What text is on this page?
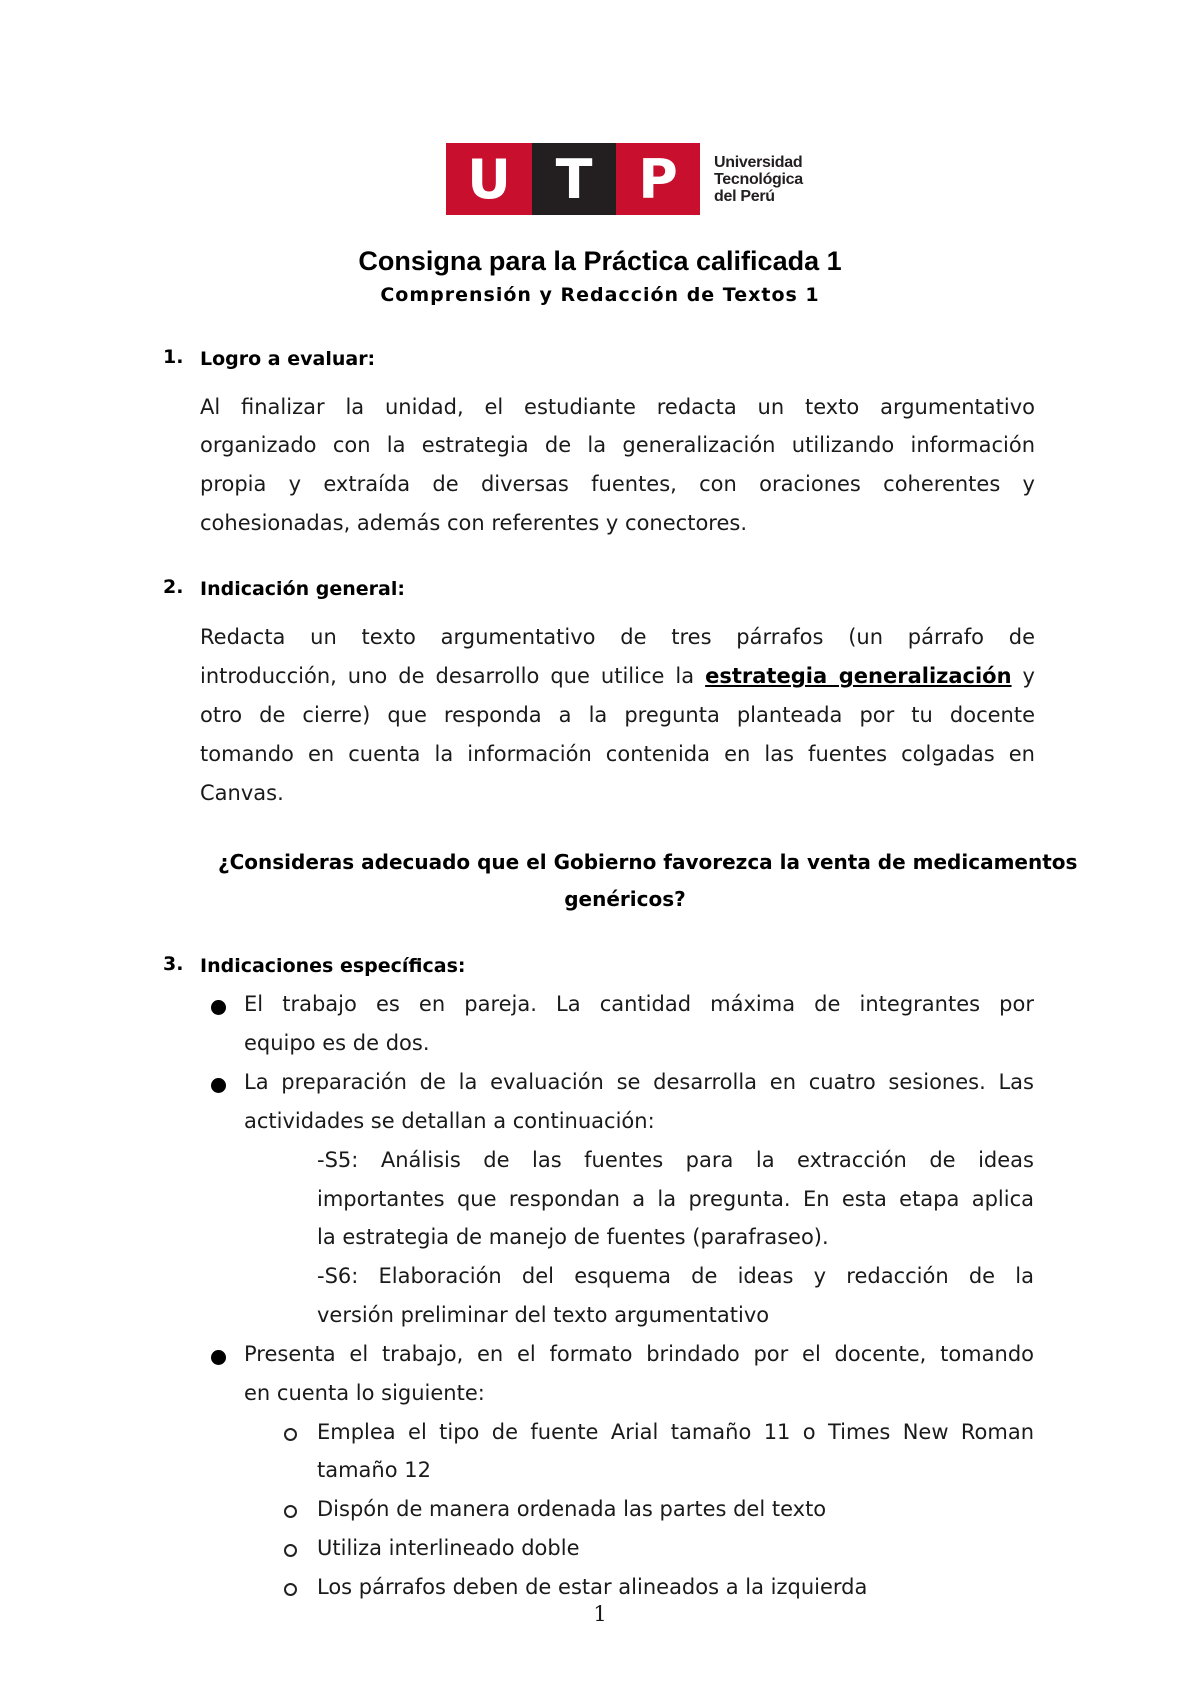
U T P	Universidad
Tecnológica
del Perú
Consigna para la Práctica calificada 1
Comprensión y Redacción de Textos 1
1. Logro a evaluar:
Al finalizar la unidad, el estudiante redacta un texto argumentativo
organizado con la estrategia de la generalización utilizando información
propia y extraída de diversas fuentes, con oraciones coherentes y
cohesionadas, además con referentes y conectores.
2. Indicación general:
Redacta un texto argumentativo de tres párrafos (un párrafo de
introducción, uno de desarrollo que utilice la estrategia generalización y
otro de cierre) que responda a la pregunta planteada por tu docente
tomando en cuenta la información contenida en las fuentes colgadas en
Canvas.
¿Consideras adecuado que el Gobierno favorezca la venta de medicamentos
genéricos?
3. Indicaciones específicas:
El trabajo es en pareja. La cantidad máxima de integrantes por
equipo es de dos.
La preparación de la evaluación se desarrolla en cuatro sesiones. Las
actividades se detallan a continuación:
-S5: Análisis de las fuentes para la extracción de ideas
importantes que respondan a la pregunta. En esta etapa aplica
la estrategia de manejo de fuentes (parafraseo).
-S6: Elaboración del esquema de ideas y redacción de la
versión preliminar del texto argumentativo
Presenta el trabajo, en el formato brindado por el docente, tomando
en cuenta lo siguiente:
Emplea el tipo de fuente Arial tamaño 11 o Times New Roman
tamaño 12
Dispón de manera ordenada las partes del texto
Utiliza interlineado doble
Los párrafos deben de estar alineados a la izquierda
1
